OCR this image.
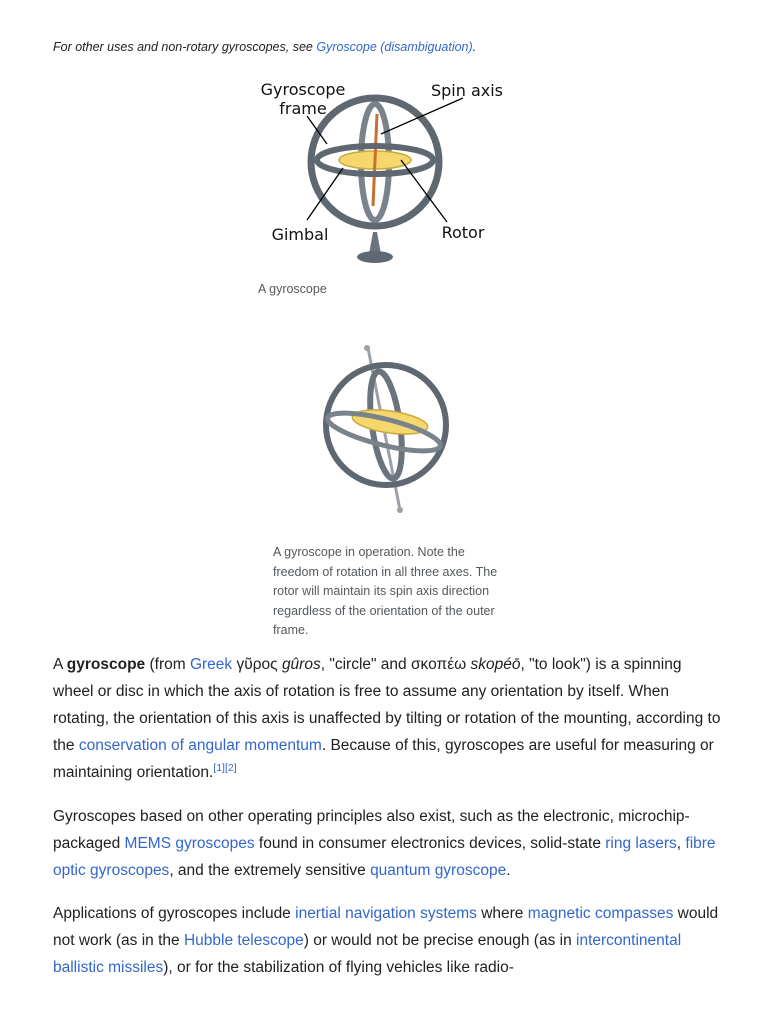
For other uses and non-rotary gyroscopes, see Gyroscope (disambiguation).
Gyroscope
frame
Spin axis
Gimbal	Rotor
A gyroscope
A gyroscope in operation. Note the freedom of rotation in all three axes. The rotor will maintain its spin axis direction regardless of the orientation of the outer frame.

A gyroscope (from Greek γῦρος gûros, "circle" and σκοπέω skopéō, "to look") is a spinning wheel or disc in which the axis of rotation is free to assume any orientation by itself. When rotating, the orientation of this axis is unaffected by tilting or rotation of the mounting, according to the conservation of angular momentum. Because of this, gyroscopes are useful for measuring or maintaining orientation.[1][2]

Gyroscopes based on other operating principles also exist, such as the electronic, microchip-packaged MEMS gyroscopes found in consumer electronics devices, solid-state ring lasers, fibre optic gyroscopes, and the extremely sensitive quantum gyroscope.

Applications of gyroscopes include inertial navigation systems where magnetic compasses would not work (as in the Hubble telescope) or would not be precise enough (as in intercontinental ballistic missiles), or for the stabilization of flying vehicles like radio-
